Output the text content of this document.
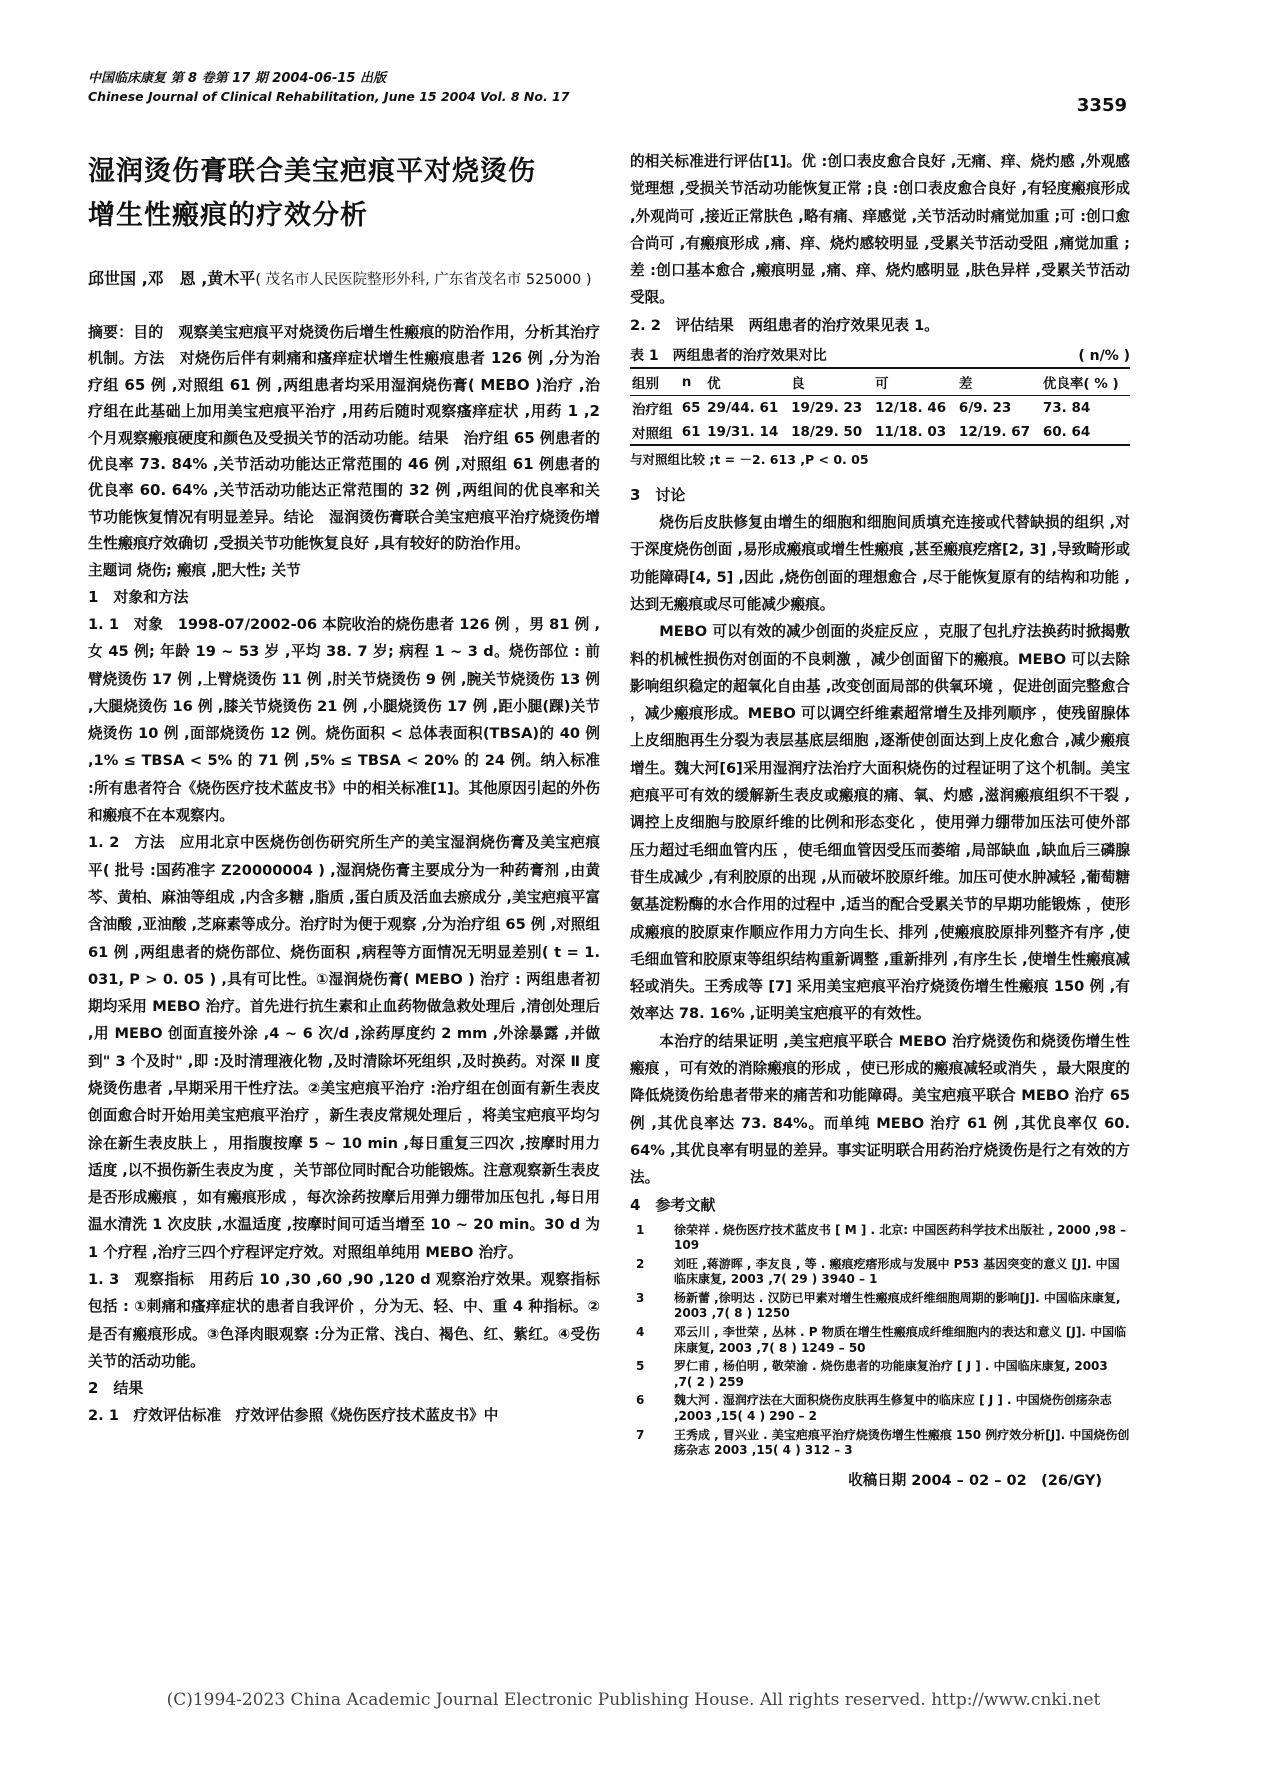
中国临床康复 第 8 卷第 17 期 2004-06-15 出版
Chinese Journal of Clinical Rehabilitation, June 15 2004 Vol. 8 No. 17	3359
湿润烫伤膏联合美宝疤痕平对烧烫伤
增生性瘢痕的疗效分析
邱世国 ,邓　恩 ,黄木平( 茂名市人民医院整形外科, 广东省茂名市 525000 )
摘要：目的　观察美宝疤痕平对烧烫伤后增生性瘢痕的防治作用，分析其治疗机制。方法　对烧伤后伴有刺痛和瘙痒症状增生性瘢痕患者 126 例 ,分为治疗组 65 例 ,对照组 61 例 ,两组患者均采用湿润烧伤膏( MEBO )治疗 ,治疗组在此基础上加用美宝疤痕平治疗 ,用药后随时观察瘙痒症状 ,用药 1 ,2 个月观察瘢痕硬度和颜色及受损关节的活动功能。结果　治疗组 65 例患者的优良率 73. 84% ,关节活动功能达正常范围的 46 例 ,对照组 61 例患者的优良率 60. 64% ,关节活动功能达正常范围的 32 例 ,两组间的优良率和关节功能恢复情况有明显差异。结论　湿润烫伤膏联合美宝疤痕平治疗烧烫伤增生性瘢痕疗效确切 ,受损关节功能恢复良好 ,具有较好的防治作用。
主题词 烧伤; 瘢痕 ,肥大性; 关节
1　对象和方法

1. 1　对象　1998-07/2002-06 本院收治的烧伤患者 126 例 ，男 81 例 ,女 45 例; 年龄 19 ~ 53 岁 ,平均 38. 7 岁; 病程 1 ~ 3 d。烧伤部位 : 前臂烧烫伤 17 例 ,上臂烧烫伤 11 例 ,肘关节烧烫伤 9 例 ,腕关节烧烫伤 13 例 ,大腿烧烫伤 16 例 ,膝关节烧烫伤 21 例 ,小腿烧烫伤 17 例 ,距小腿(踝)关节烧烫伤 10 例 ,面部烧烫伤 12 例。烧伤面积 < 总体表面积(TBSA)的 40 例 ,1% ≤ TBSA < 5% 的 71 例 ,5% ≤ TBSA < 20% 的 24 例。纳入标准 :所有患者符合《烧伤医疗技术蓝皮书》中的相关标准[1]。其他原因引起的外伤和瘢痕不在本观察内。

1. 2　方法　应用北京中医烧伤创伤研究所生产的美宝湿润烧伤膏及美宝疤痕平( 批号 :国药准字 Z20000004 ) ,湿润烧伤膏主要成分为一种药膏剂 ,由黄芩、黄柏、麻油等组成 ,内含多糖 ,脂质 ,蛋白质及活血去瘀成分 ,美宝疤痕平富含油酸 ,亚油酸 ,芝麻素等成分。治疗时为便于观察 ,分为治疗组 65 例 ,对照组 61 例 ,两组患者的烧伤部位、烧伤面积 ,病程等方面情况无明显差别( t = 1. 031, P > 0. 05 ) ,具有可比性。①湿润烧伤膏( MEBO ) 治疗 : 两组患者初期均采用 MEBO 治疗。首先进行抗生素和止血药物做急救处理后 ,清创处理后 ,用 MEBO 创面直接外涂 ,4 ~ 6 次/d ,涂药厚度约 2 mm ,外涂暴露 ,并做到" 3 个及时" ,即 :及时清理液化物 ,及时清除坏死组织 ,及时换药。对深 Ⅱ 度烧烫伤患者 ,早期采用干性疗法。②美宝疤痕平治疗 :治疗组在创面有新生表皮创面愈合时开始用美宝疤痕平治疗 ，新生表皮常规处理后 ，将美宝疤痕平均匀涂在新生表皮肤上 ，用指腹按摩 5 ~ 10 min ,每日重复三四次 ,按摩时用力适度 ,以不损伤新生表皮为度 ，关节部位同时配合功能锻炼。注意观察新生表皮是否形成瘢痕 ，如有瘢痕形成 ，每次涂药按摩后用弹力绷带加压包扎 ,每日用温水清洗 1 次皮肤 ,水温适度 ,按摩时间可适当增至 10 ~ 20 min。30 d 为 1 个疗程 ,治疗三四个疗程评定疗效。对照组单纯用 MEBO 治疗。

1. 3　观察指标　用药后 10 ,30 ,60 ,90 ,120 d 观察治疗效果。观察指标包括 : ①刺痛和瘙痒症状的患者自我评价 ，分为无、轻、中、重 4 种指标。②是否有瘢痕形成。③色泽肉眼观察 :分为正常、浅白、褐色、红、紫红。④受伤关节的活动功能。

2　结果

2. 1　疗效评估标准　疗效评估参照《烧伤医疗技术蓝皮书》中

的相关标准进行评估[1]。优 :创口表皮愈合良好 ,无痛、痒、烧灼感 ,外观感觉理想 ,受损关节活动功能恢复正常 ;良 :创口表皮愈合良好 ,有轻度瘢痕形成 ,外观尚可 ,接近正常肤色 ,略有痛、痒感觉 ,关节活动时痛觉加重 ;可 :创口愈合尚可 ,有瘢痕形成 ,痛、痒、烧灼感较明显 ,受累关节活动受阻 ,痛觉加重 ;差 :创口基本愈合 ,瘢痕明显 ,痛、痒、烧灼感明显 ,肤色异样 ,受累关节活动受限。

2. 2　评估结果　两组患者的治疗效果见表 1。

表 1　两组患者的治疗效果对比	( n/% )
组别	n	优	良	可	差	优良率( % )
治疗组	65	29/44. 61	19/29. 23	12/18. 46	6/9. 23	73. 84
对照组	61	19/31. 14	18/29. 50	11/18. 03	12/19. 67	60. 64
与对照组比较 ;t = －2. 613 ,P < 0. 05
3　讨论

烧伤后皮肤修复由增生的细胞和细胞间质填充连接或代替缺损的组织 ,对于深度烧伤创面 ,易形成瘢痕或增生性瘢痕 ,甚至瘢痕疙瘩[2, 3] ,导致畸形或功能障碍[4, 5] ,因此 ,烧伤创面的理想愈合 ,尽于能恢复原有的结构和功能 ,达到无瘢痕或尽可能减少瘢痕。

MEBO 可以有效的减少创面的炎症反应 ，克服了包扎疗法换药时掀揭敷料的机械性损伤对创面的不良刺激 ，减少创面留下的瘢痕。MEBO 可以去除影响组织稳定的超氧化自由基 ,改变创面局部的供氧环境 ，促进创面完整愈合 ，减少瘢痕形成。MEBO 可以调空纤维素超常增生及排列顺序 ，使残留腺体上皮细胞再生分裂为表层基底层细胞 ,逐渐使创面达到上皮化愈合 ,减少瘢痕增生。魏大河[6]采用湿润疗法治疗大面积烧伤的过程证明了这个机制。美宝疤痕平可有效的缓解新生表皮或瘢痕的痛、氧、灼感 ,滋润瘢痕组织不干裂 ,调控上皮细胞与胶原纤维的比例和形态变化 ，使用弹力绷带加压法可使外部压力超过毛细血管内压 ，使毛细血管因受压而萎缩 ,局部缺血 ,缺血后三磷腺苷生成减少 ,有利胶原的出现 ,从而破坏胶原纤维。加压可使水肿减轻 ,葡萄糖氨基淀粉酶的水合作用的过程中 ,适当的配合受累关节的早期功能锻炼 ，使形成瘢痕的胶原束作顺应作用力方向生长、排列 ,使瘢痕胶原排列整齐有序 ,使毛细血管和胶原束等组织结构重新调整 ,重新排列 ,有序生长 ,使增生性瘢痕减轻或消失。王秀成等 [7] 采用美宝疤痕平治疗烧烫伤增生性瘢痕 150 例 ,有效率达 78. 16% ,证明美宝疤痕平的有效性。

本治疗的结果证明 ,美宝疤痕平联合 MEBO 治疗烧烫伤和烧烫伤增生性瘢痕 ，可有效的消除瘢痕的形成 ，使已形成的瘢痕减轻或消失 ，最大限度的降低烧烫伤给患者带来的痛苦和功能障碍。美宝疤痕平联合 MEBO 治疗 65 例 ,其优良率达 73. 84%。而单纯 MEBO 治疗 61 例 ,其优良率仅 60. 64% ,其优良率有明显的差异。事实证明联合用药治疗烧烫伤是行之有效的方法。

4　参考文献
1	徐荣祥 . 烧伤医疗技术蓝皮书 [ M ] . 北京: 中国医药科学技术出版社 , 2000 ,98 – 109
2	刘旺 ,蒋游晖 , 李友良 , 等 . 瘢痕疙瘩形成与发展中 P53 基因突变的意义 [J]. 中国临床康复, 2003 ,7( 29 ) 3940 – 1
3	杨新蕾 ,徐明达 . 汉防已甲素对增生性瘢痕成纤维细胞周期的影响[J]. 中国临床康复, 2003 ,7( 8 ) 1250
4	邓云川 , 李世荣 , 丛林 . P 物质在增生性瘢痕成纤维细胞内的表达和意义 [J]. 中国临床康复, 2003 ,7( 8 ) 1249 – 50
5	罗仁甫 , 杨伯明 , 敬荣渝 . 烧伤患者的功能康复治疗 [ J ] . 中国临床康复, 2003 ,7( 2 ) 259
6	魏大河 . 湿润疗法在大面积烧伤皮肤再生修复中的临床应 [ J ] . 中国烧伤创疡杂志 ,2003 ,15( 4 ) 290 – 2
7	王秀成 , 冒兴业 . 美宝疤痕平治疗烧烫伤增生性瘢痕 150 例疗效分析[J]. 中国烧伤创疡杂志 2003 ,15( 4 ) 312 – 3
收稿日期 2004 – 02 – 02　(26/GY)
(C)1994-2023 China Academic Journal Electronic Publishing House. All rights reserved. http://www.cnki.net
